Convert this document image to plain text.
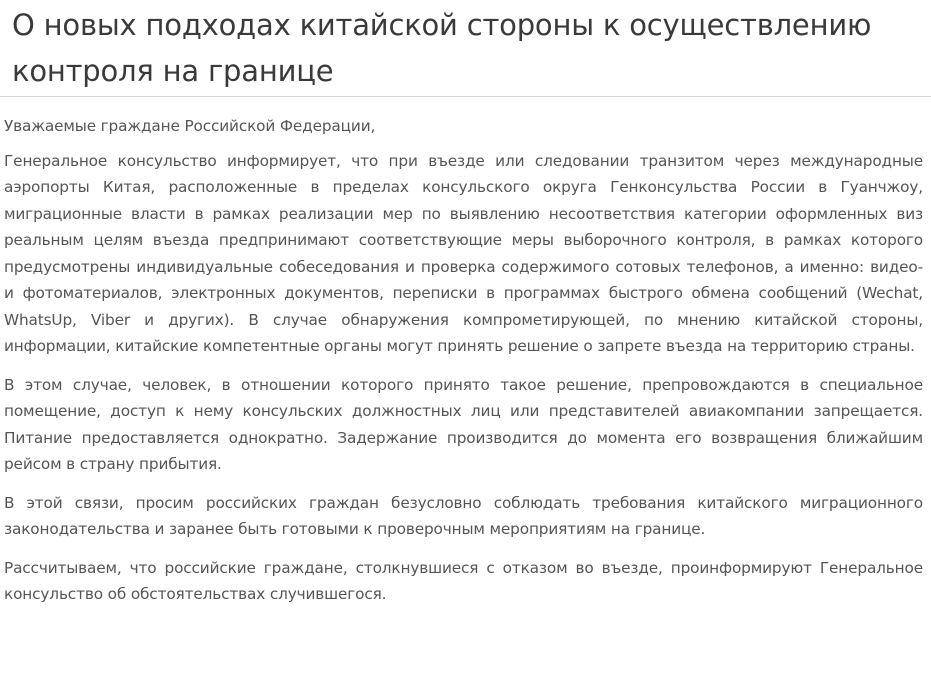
О новых подходах китайской стороны к осуществлению контроля на границе

Уважаемые граждане Российской Федерации,

Генеральное консульство информирует, что при въезде или следовании транзитом через международные аэропорты Китая, расположенные в пределах консульского округа Генконсульства России в Гуанчжоу, миграционные власти в рамках реализации мер по выявлению несоответствия категории оформленных виз реальным целям въезда предпринимают соответствующие меры выборочного контроля, в рамках которого предусмотрены индивидуальные собеседования и проверка содержимого сотовых телефонов, а именно: видео- и фотоматериалов, электронных документов, переписки в программах быстрого обмена сообщений (Wechat, WhatsUp, Viber и других). В случае обнаружения компрометирующей, по мнению китайской стороны, информации, китайские компетентные органы могут принять решение о запрете въезда на территорию страны.

В этом случае, человек, в отношении которого принято такое решение, препровождаются в специальное помещение, доступ к нему консульских должностных лиц или представителей авиакомпании запрещается. Питание предоставляется однократно. Задержание производится до момента его возвращения ближайшим рейсом в страну прибытия.

В этой связи, просим российских граждан безусловно соблюдать требования китайского миграционного законодательства и заранее быть готовыми к проверочным мероприятиям на границе.

Рассчитываем, что российские граждане, столкнувшиеся с отказом во въезде, проинформируют Генеральное консульство об обстоятельствах случившегося.
